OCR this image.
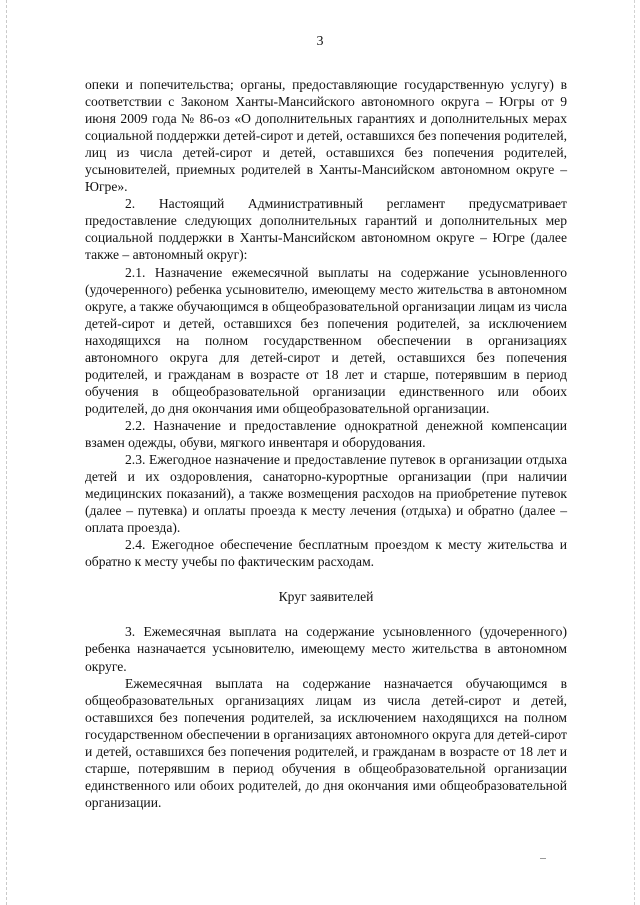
3

опеки и попечительства; органы, предоставляющие государственную услугу) в соответствии с Законом Ханты-Мансийского автономного округа – Югры от 9 июня 2009 года № 86-оз «О дополнительных гарантиях и дополнительных мерах социальной поддержки детей-сирот и детей, оставшихся без попечения родителей, лиц из числа детей-сирот и детей, оставшихся без попечения родителей, усыновителей, приемных родителей в Ханты-Мансийском автономном округе – Югре».

2. Настоящий Административный регламент предусматривает предоставление следующих дополнительных гарантий и дополнительных мер социальной поддержки в Ханты-Мансийском автономном округе – Югре (далее также – автономный округ):

2.1. Назначение ежемесячной выплаты на содержание усыновленного (удочеренного) ребенка усыновителю, имеющему место жительства в автономном округе, а также обучающимся в общеобразовательной организации лицам из числа детей-сирот и детей, оставшихся без попечения родителей, за исключением находящихся на полном государственном обеспечении в организациях автономного округа для детей-сирот и детей, оставшихся без попечения родителей, и гражданам в возрасте от 18 лет и старше, потерявшим в период обучения в общеобразовательной организации единственного или обоих родителей, до дня окончания ими общеобразовательной организации.

2.2. Назначение и предоставление однократной денежной компенсации взамен одежды, обуви, мягкого инвентаря и оборудования.

2.3. Ежегодное назначение и предоставление путевок в организации отдыха детей и их оздоровления, санаторно-курортные организации (при наличии медицинских показаний), а также возмещения расходов на приобретение путевок (далее – путевка) и оплаты проезда к месту лечения (отдыха) и обратно (далее – оплата проезда).

2.4. Ежегодное обеспечение бесплатным проездом к месту жительства и обратно к месту учебы по фактическим расходам.

Круг заявителей

3. Ежемесячная выплата на содержание усыновленного (удочеренного) ребенка назначается усыновителю, имеющему место жительства в автономном округе.

Ежемесячная выплата на содержание назначается обучающимся в общеобразовательных организациях лицам из числа детей-сирот и детей, оставшихся без попечения родителей, за исключением находящихся на полном государственном обеспечении в организациях автономного округа для детей-сирот и детей, оставшихся без попечения родителей, и гражданам в возрасте от 18 лет и старше, потерявшим в период обучения в общеобразовательной организации единственного или обоих родителей, до дня окончания ими общеобразовательной организации.
